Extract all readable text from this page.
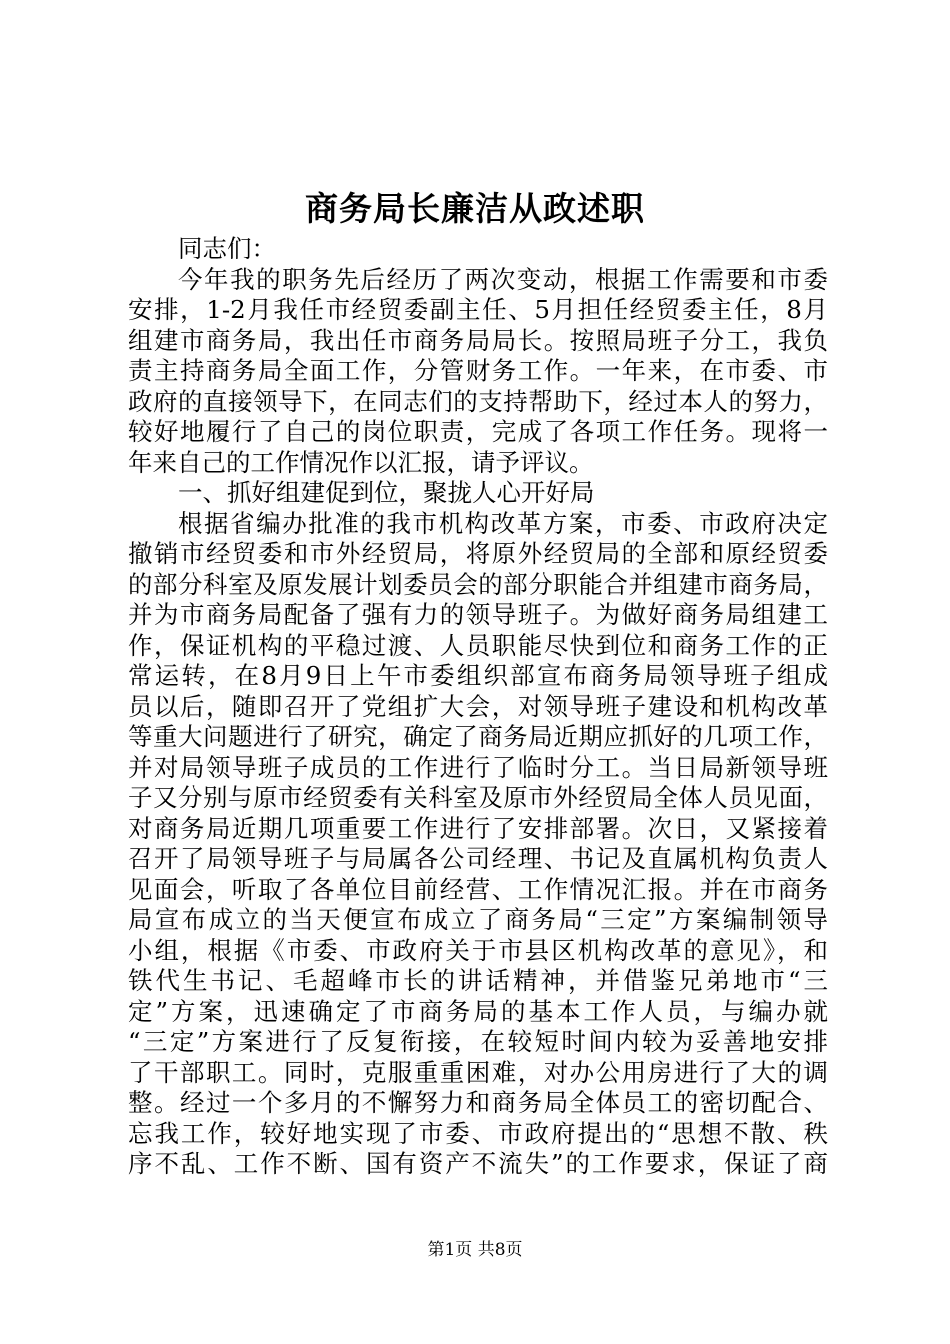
商务局长廉洁从政述职
同志们：
今年我的职务先后经历了两次变动，根据工作需要和市委
安排，1-2月我任市经贸委副主任、5月担任经贸委主任，8月
组建市商务局，我出任市商务局局长。按照局班子分工，我负
责主持商务局全面工作，分管财务工作。一年来，在市委、市
政府的直接领导下，在同志们的支持帮助下，经过本人的努力，
较好地履行了自己的岗位职责，完成了各项工作任务。现将一
年来自己的工作情况作以汇报，请予评议。
一、抓好组建促到位，聚拢人心开好局
根据省编办批准的我市机构改革方案，市委、市政府决定
撤销市经贸委和市外经贸局，将原外经贸局的全部和原经贸委
的部分科室及原发展计划委员会的部分职能合并组建市商务局，
并为市商务局配备了强有力的领导班子。为做好商务局组建工
作，保证机构的平稳过渡、人员职能尽快到位和商务工作的正
常运转，在8月9日上午市委组织部宣布商务局领导班子组成
员以后，随即召开了党组扩大会，对领导班子建设和机构改革
等重大问题进行了研究，确定了商务局近期应抓好的几项工作，
并对局领导班子成员的工作进行了临时分工。当日局新领导班
子又分别与原市经贸委有关科室及原市外经贸局全体人员见面，
对商务局近期几项重要工作进行了安排部署。次日，又紧接着
召开了局领导班子与局属各公司经理、书记及直属机构负责人
见面会，听取了各单位目前经营、工作情况汇报。并在市商务
局宣布成立的当天便宣布成立了商务局“三定”方案编制领导
小组，根据《市委、市政府关于市县区机构改革的意见》，和
铁代生书记、毛超峰市长的讲话精神，并借鉴兄弟地市“三
定”方案，迅速确定了市商务局的基本工作人员，与编办就
“三定”方案进行了反复衔接，在较短时间内较为妥善地安排
了干部职工。同时，克服重重困难，对办公用房进行了大的调
整。经过一个多月的不懈努力和商务局全体员工的密切配合、
忘我工作，较好地实现了市委、市政府提出的“思想不散、秩
序不乱、工作不断、国有资产不流失”的工作要求，保证了商
第1页 共8页
